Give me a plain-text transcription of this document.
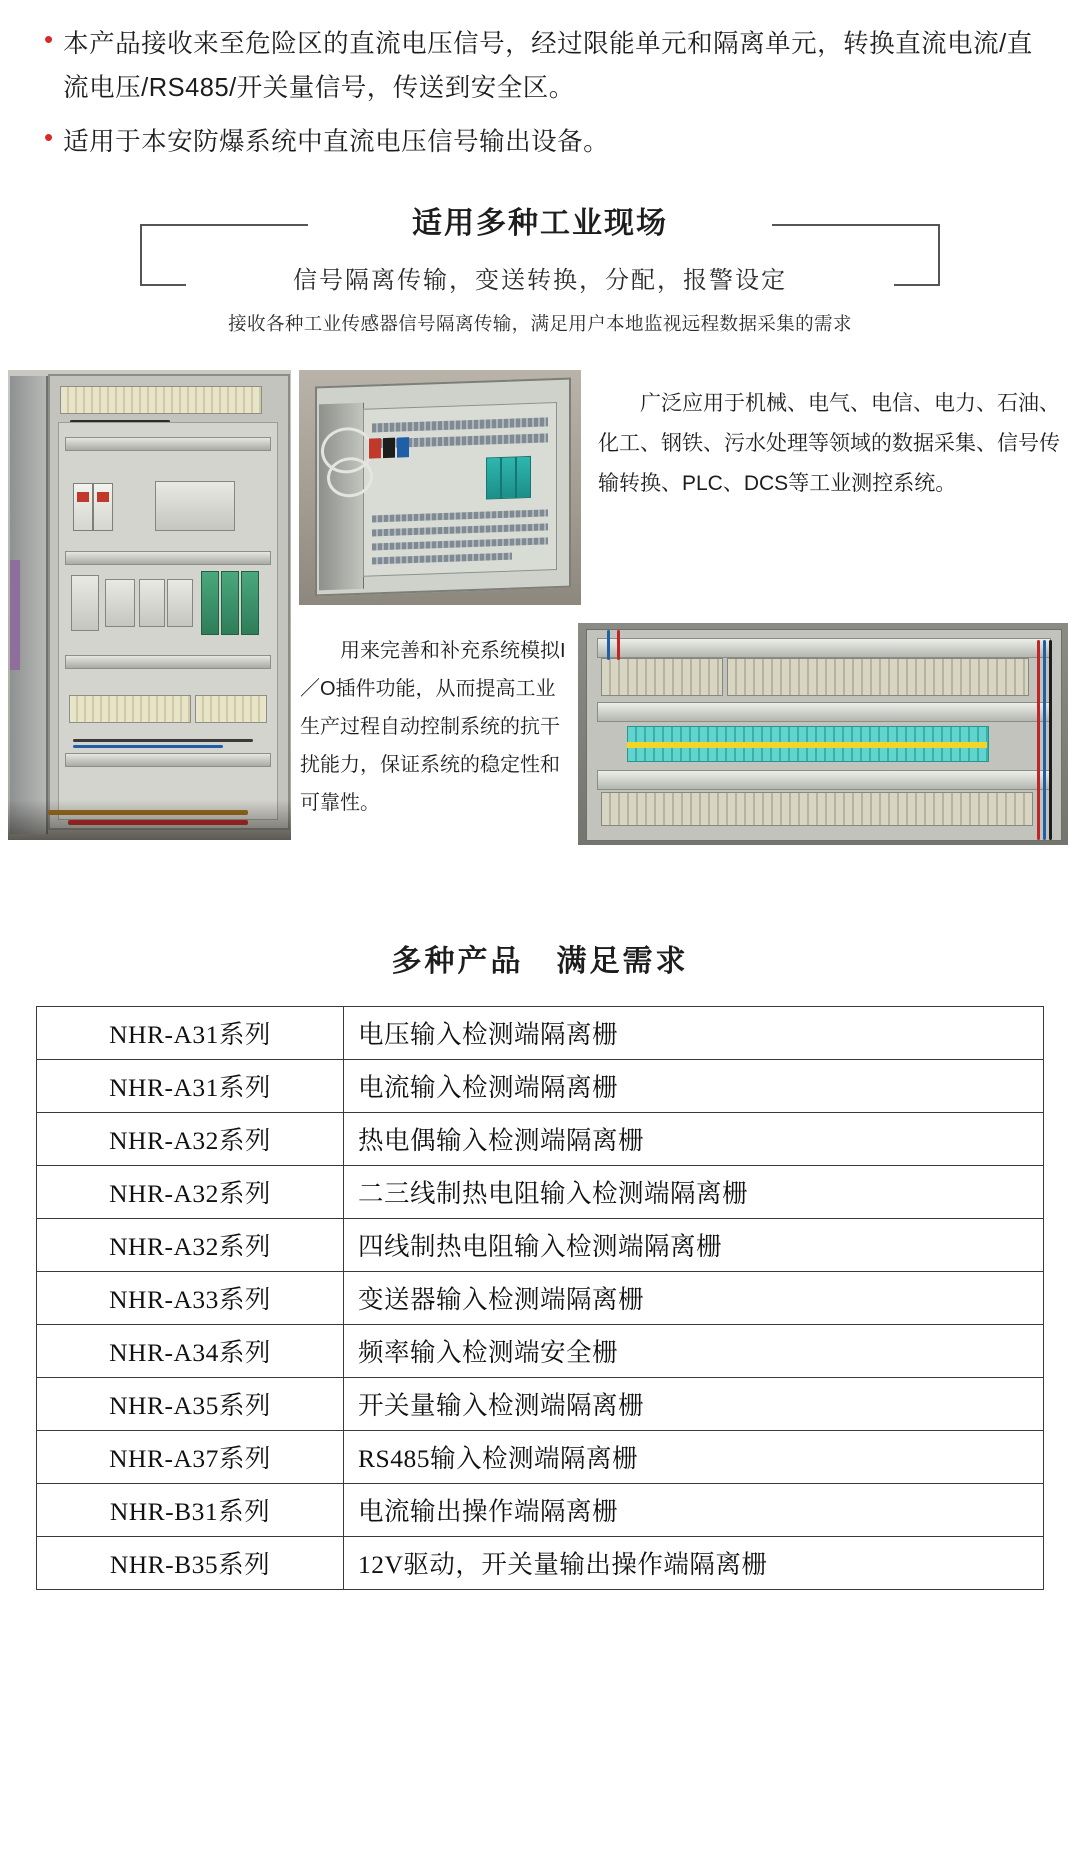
• 本产品接收来至危险区的直流电压信号，经过限能单元和隔离单元，转换直流电流/直流电压/RS485/开关量信号，传送到安全区。
• 适用于本安防爆系统中直流电压信号输出设备。
适用多种工业现场
信号隔离传输，变送转换，分配，报警设定
接收各种工业传感器信号隔离传输，满足用户本地监视远程数据采集的需求
广泛应用于机械、电气、电信、电力、石油、化工、钢铁、污水处理等领域的数据采集、信号传输转换、PLC、DCS等工业测控系统。
用来完善和补充系统模拟I／O插件功能，从而提高工业生产过程自动控制系统的抗干扰能力，保证系统的稳定性和可靠性。
多种产品　满足需求
NHR-A31系列	电压输入检测端隔离栅
NHR-A31系列	电流输入检测端隔离栅
NHR-A32系列	热电偶输入检测端隔离栅
NHR-A32系列	二三线制热电阻输入检测端隔离栅
NHR-A32系列	四线制热电阻输入检测端隔离栅
NHR-A33系列	变送器输入检测端隔离栅
NHR-A34系列	频率输入检测端安全栅
NHR-A35系列	开关量输入检测端隔离栅
NHR-A37系列	RS485输入检测端隔离栅
NHR-B31系列	电流输出操作端隔离栅
NHR-B35系列	12V驱动，开关量输出操作端隔离栅
